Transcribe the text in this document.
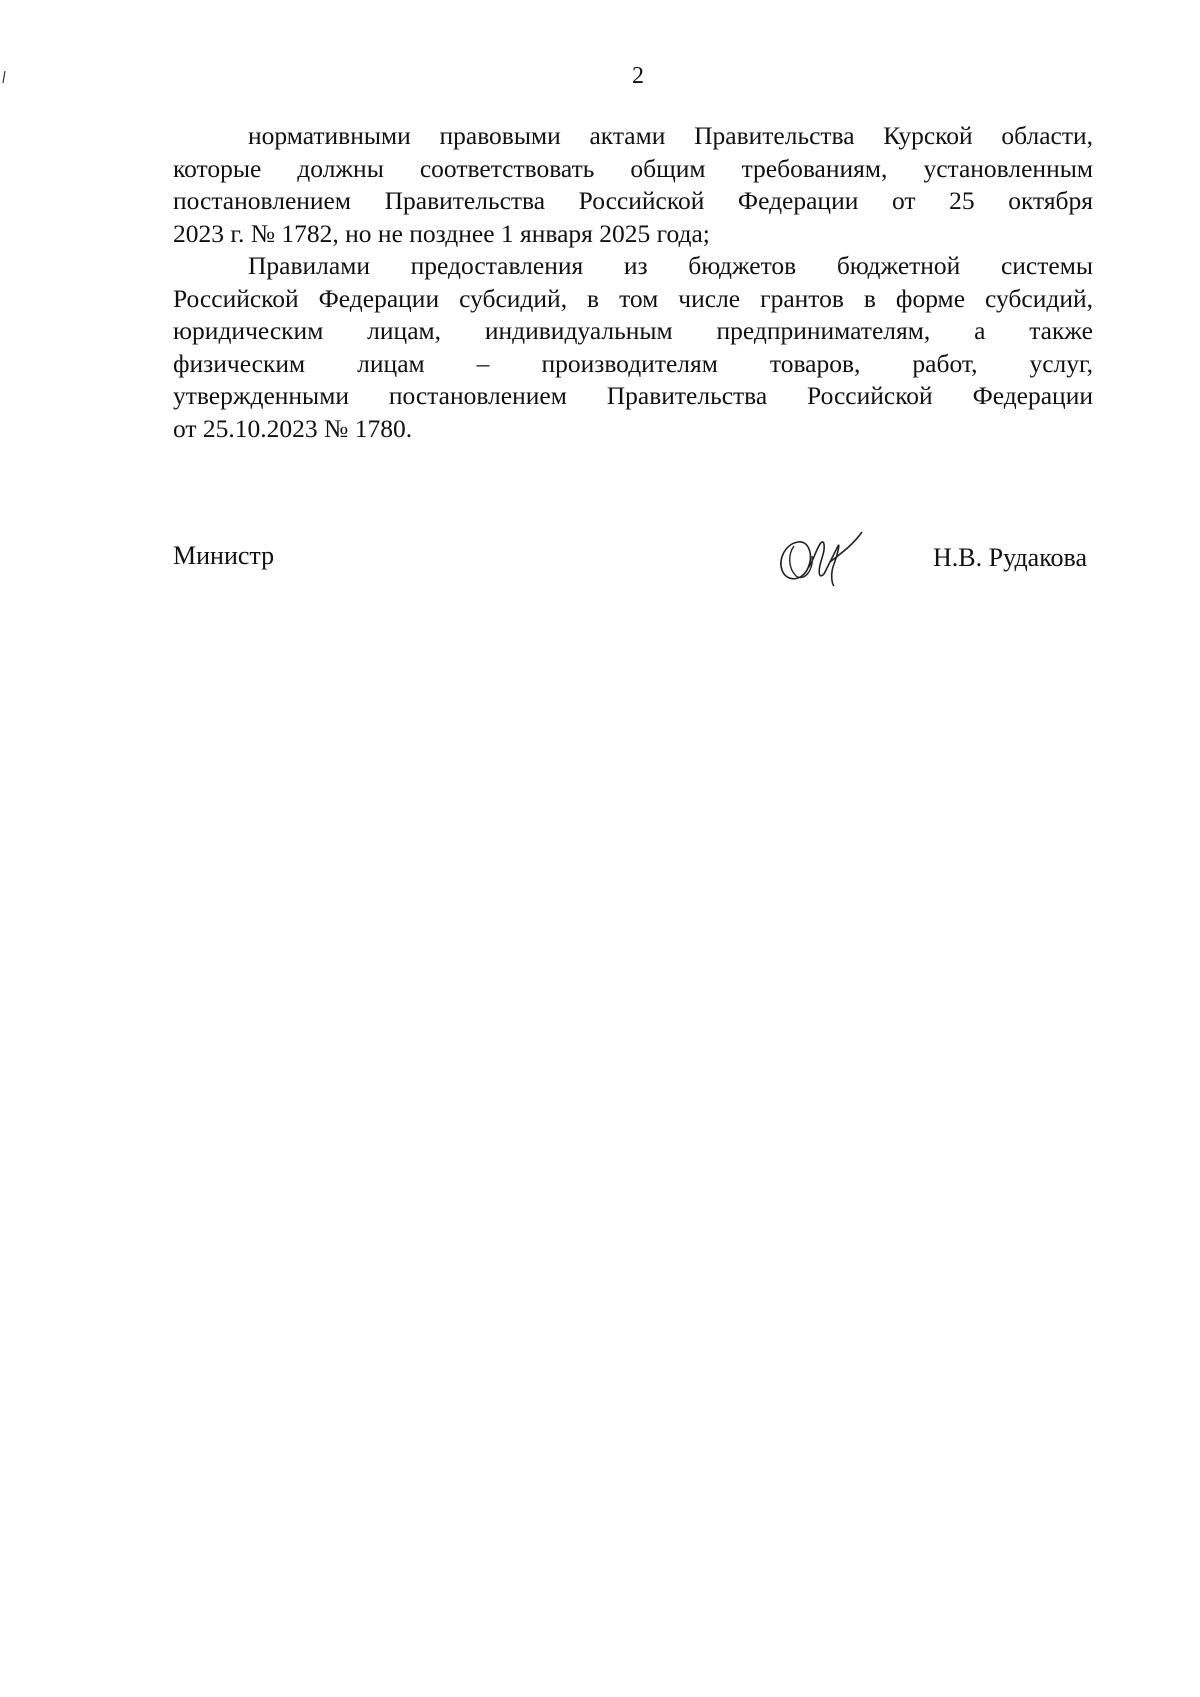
2

нормативными правовыми актами Правительства Курской области,
которые должны соответствовать общим требованиям, установленным
постановлением Правительства Российской Федерации от 25 октября
2023 г. № 1782, но не позднее 1 января 2025 года;

Правилами предоставления из бюджетов бюджетной системы
Российской Федерации субсидий, в том числе грантов в форме субсидий,
юридическим лицам, индивидуальным предпринимателям, а также
физическим лицам – производителям товаров, работ, услуг,
утвержденными постановлением Правительства Российской Федерации
от 25.10.2023 № 1780.

Министр	Н.В. Рудакова
